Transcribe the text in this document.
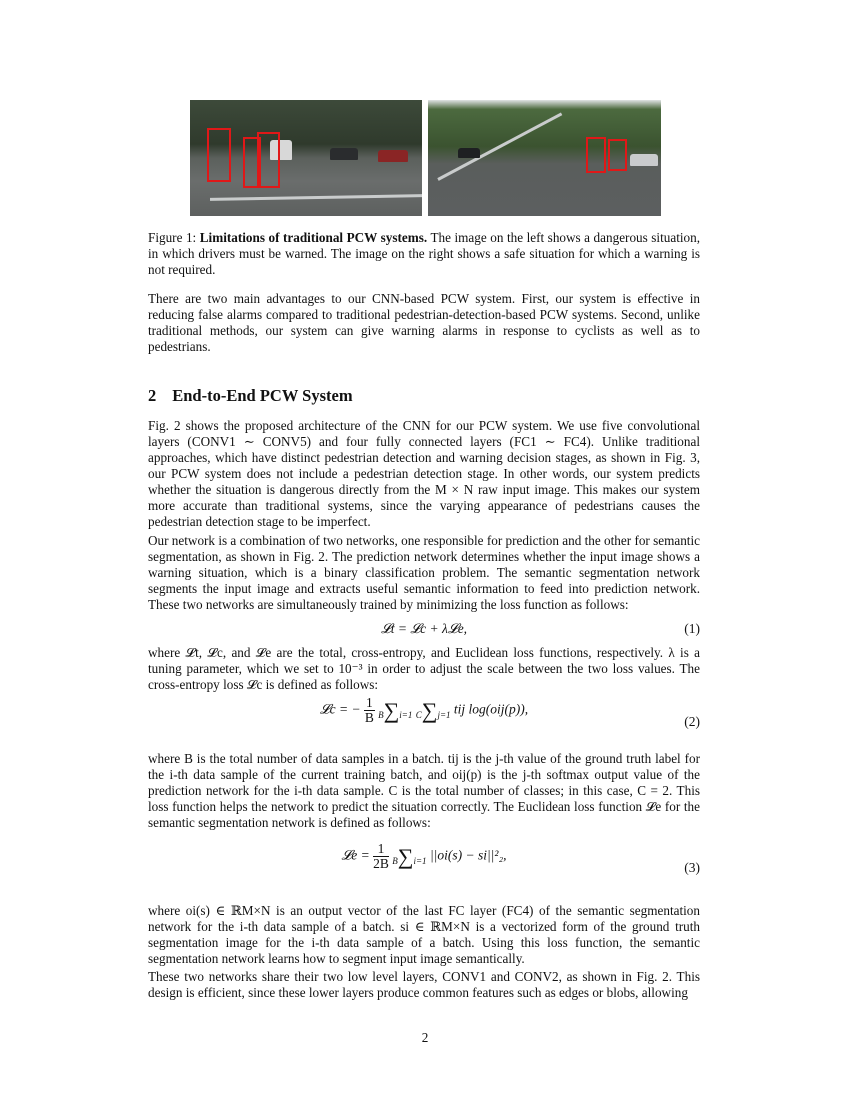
Figure 1: Limitations of traditional PCW systems. The image on the left shows a dangerous situation, in which drivers must be warned. The image on the right shows a safe situation for which a warning is not required.
There are two main advantages to our CNN-based PCW system. First, our system is effective in reducing false alarms compared to traditional pedestrian-detection-based PCW systems. Second, unlike traditional methods, our system can give warning alarms in response to cyclists as well as to pedestrians.
2 End-to-End PCW System
Fig. 2 shows the proposed architecture of the CNN for our PCW system. We use five convolutional layers (CONV1 ∼ CONV5) and four fully connected layers (FC1 ∼ FC4). Unlike traditional approaches, which have distinct pedestrian detection and warning decision stages, as shown in Fig. 3, our PCW system does not include a pedestrian detection stage. In other words, our system predicts whether the situation is dangerous directly from the M × N raw input image. This makes our system more accurate than traditional systems, since the varying appearance of pedestrians causes the pedestrian detection stage to be imperfect.
Our network is a combination of two networks, one responsible for prediction and the other for semantic segmentation, as shown in Fig. 2. The prediction network determines whether the input image shows a warning situation, which is a binary classification problem. The semantic segmentation network segments the input image and extracts useful semantic information to feed into prediction network. These two networks are simultaneously trained by minimizing the loss function as follows:
𝓛t = 𝓛c + λ𝓛e,	(1)
where 𝓛t, 𝓛c, and 𝓛e are the total, cross-entropy, and Euclidean loss functions, respectively. λ is a tuning parameter, which we set to 10⁻³ in order to adjust the scale between the two loss values. The cross-entropy loss 𝓛c is defined as follows:
𝓛c = − $\frac{1}{B} B\sum i=1$ C∑j=1 tij log(oij(p)),
(2)
where B is the total number of data samples in a batch. tij is the j-th value of the ground truth label for the i-th data sample of the current training batch, and oij(p) is the j-th softmax output value of the prediction network for the i-th data sample. C is the total number of classes; in this case, C = 2. This loss function helps the network to predict the situation correctly. The Euclidean loss function 𝓛e for the semantic segmentation network is defined as follows:
𝓛e = $\frac{1}{2B} B\sum i=1$ ||oi(s) − si||²₂,
(3)
where oi(s) ∈ ℝM×N is an output vector of the last FC layer (FC4) of the semantic segmentation network for the i-th data sample of a batch. si ∈ ℝM×N is a vectorized form of the ground truth segmentation image for the i-th data sample of a batch. Using this loss function, the semantic segmentation network learns how to segment input image semantically.
These two networks share their two low level layers, CONV1 and CONV2, as shown in Fig. 2. This design is efficient, since these lower layers produce common features such as edges or blobs, allowing
2
